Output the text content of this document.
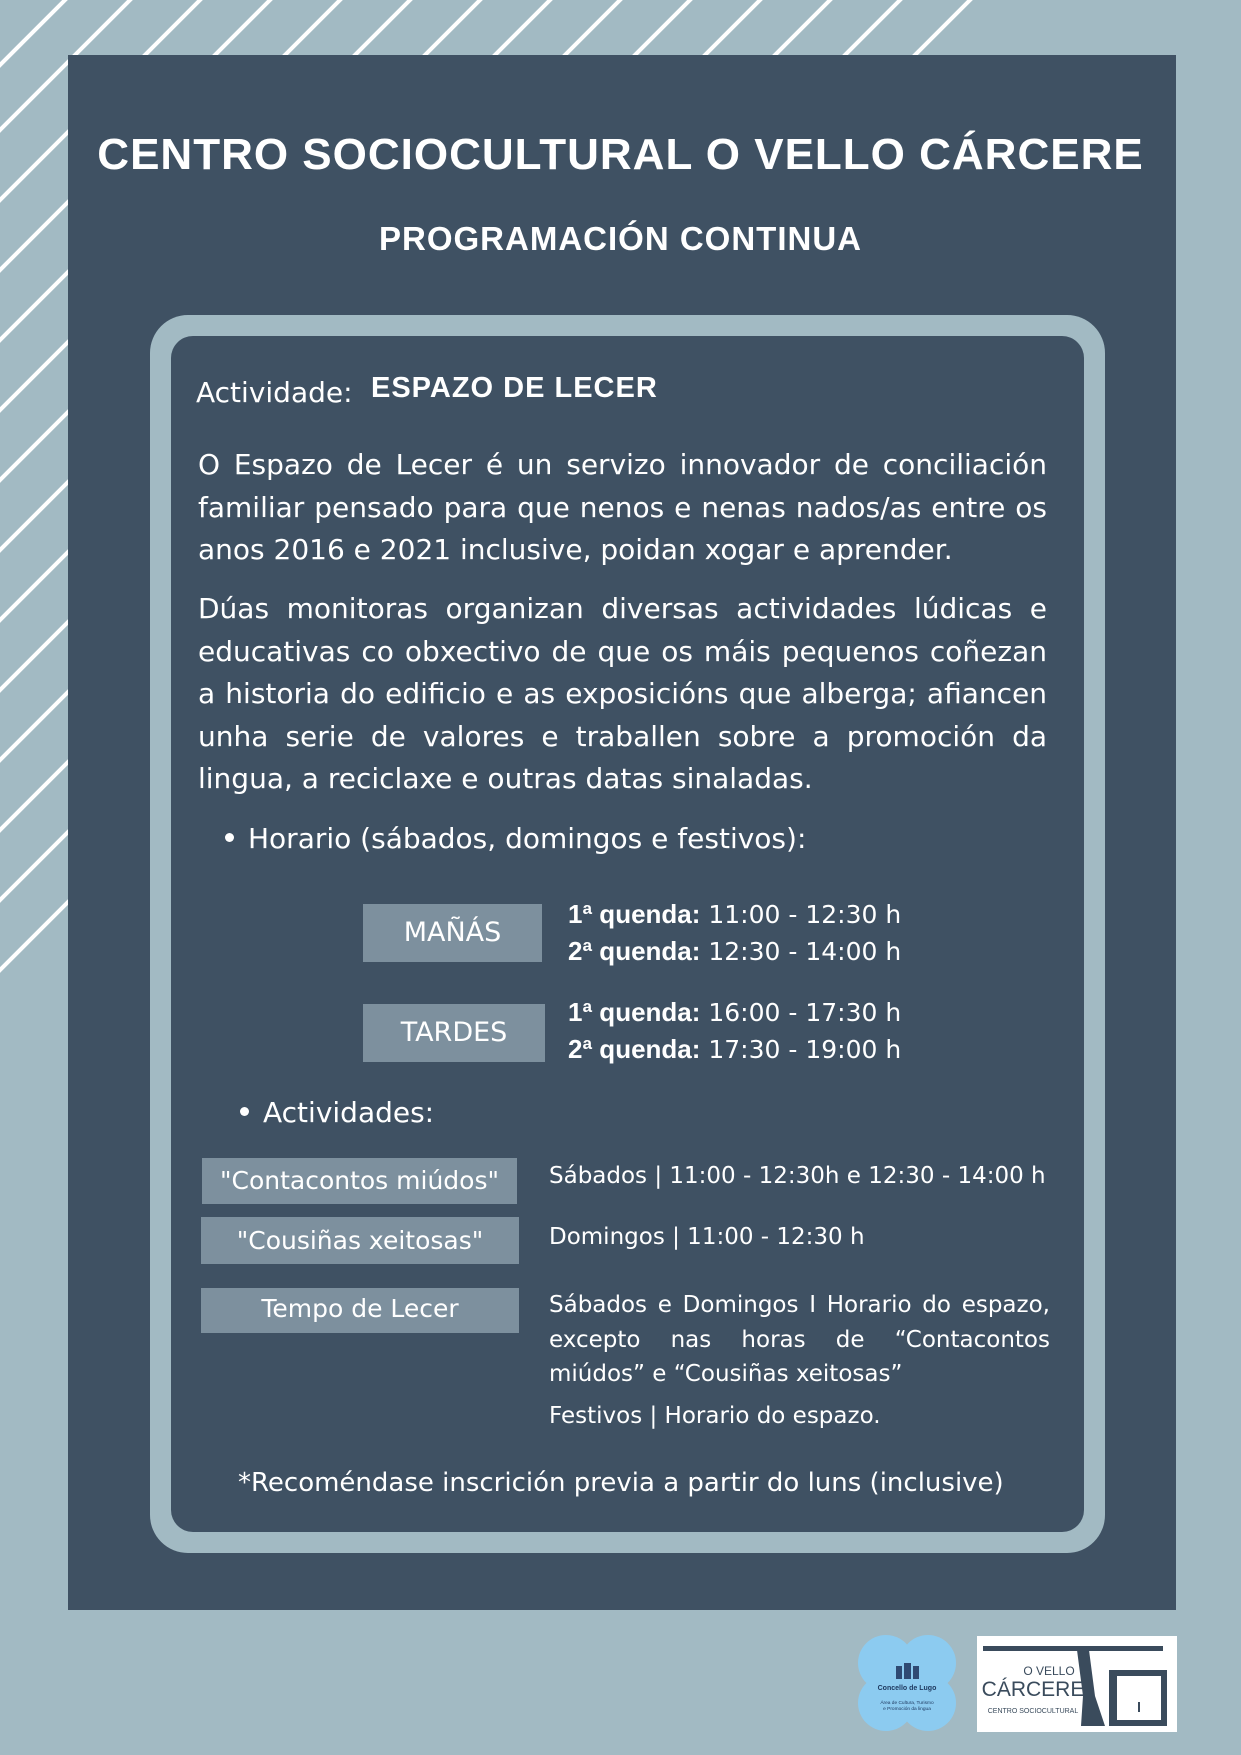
CENTRO SOCIOCULTURAL O VELLO CÁRCERE
PROGRAMACIÓN CONTINUA
Actividade: ESPAZO DE LECER

O Espazo de Lecer é un servizo innovador de conciliación familiar pensado para que nenos e nenas nados/as entre os anos 2016 e 2021 inclusive, poidan xogar e aprender.

Dúas monitoras organizan diversas actividades lúdicas e educativas co obxectivo de que os máis pequenos coñezan a historia do edificio e as exposicións que alberga; afiancen unha serie de valores e traballen sobre a promoción da lingua, a reciclaxe e outras datas sinaladas.

Horario (sábados, domingos e festivos):
MAÑÁS
1ª quenda: 11:00 - 12:30 h
2ª quenda: 12:30 - 14:00 h
TARDES
1ª quenda: 16:00 - 17:30 h
2ª quenda: 17:30 - 19:00 h
Actividades:
"Contacontos miúdos"	Sábados | 11:00 - 12:30h e 12:30 - 14:00 h
"Cousiñas xeitosas"	Domingos | 11:00 - 12:30 h
Tempo de Lecer	Sábados e Domingos I Horario do espazo, excepto nas horas de “Contacontos miúdos” e “Cousiñas xeitosas”
Festivos | Horario do espazo.
*Recoméndase inscrición previa a partir do luns (inclusive)
Concello de Lugo
Área de Cultura, Turismo
e Promoción da lingua
O VELLO
CÁRCERE
CENTRO SOCIOCULTURAL
